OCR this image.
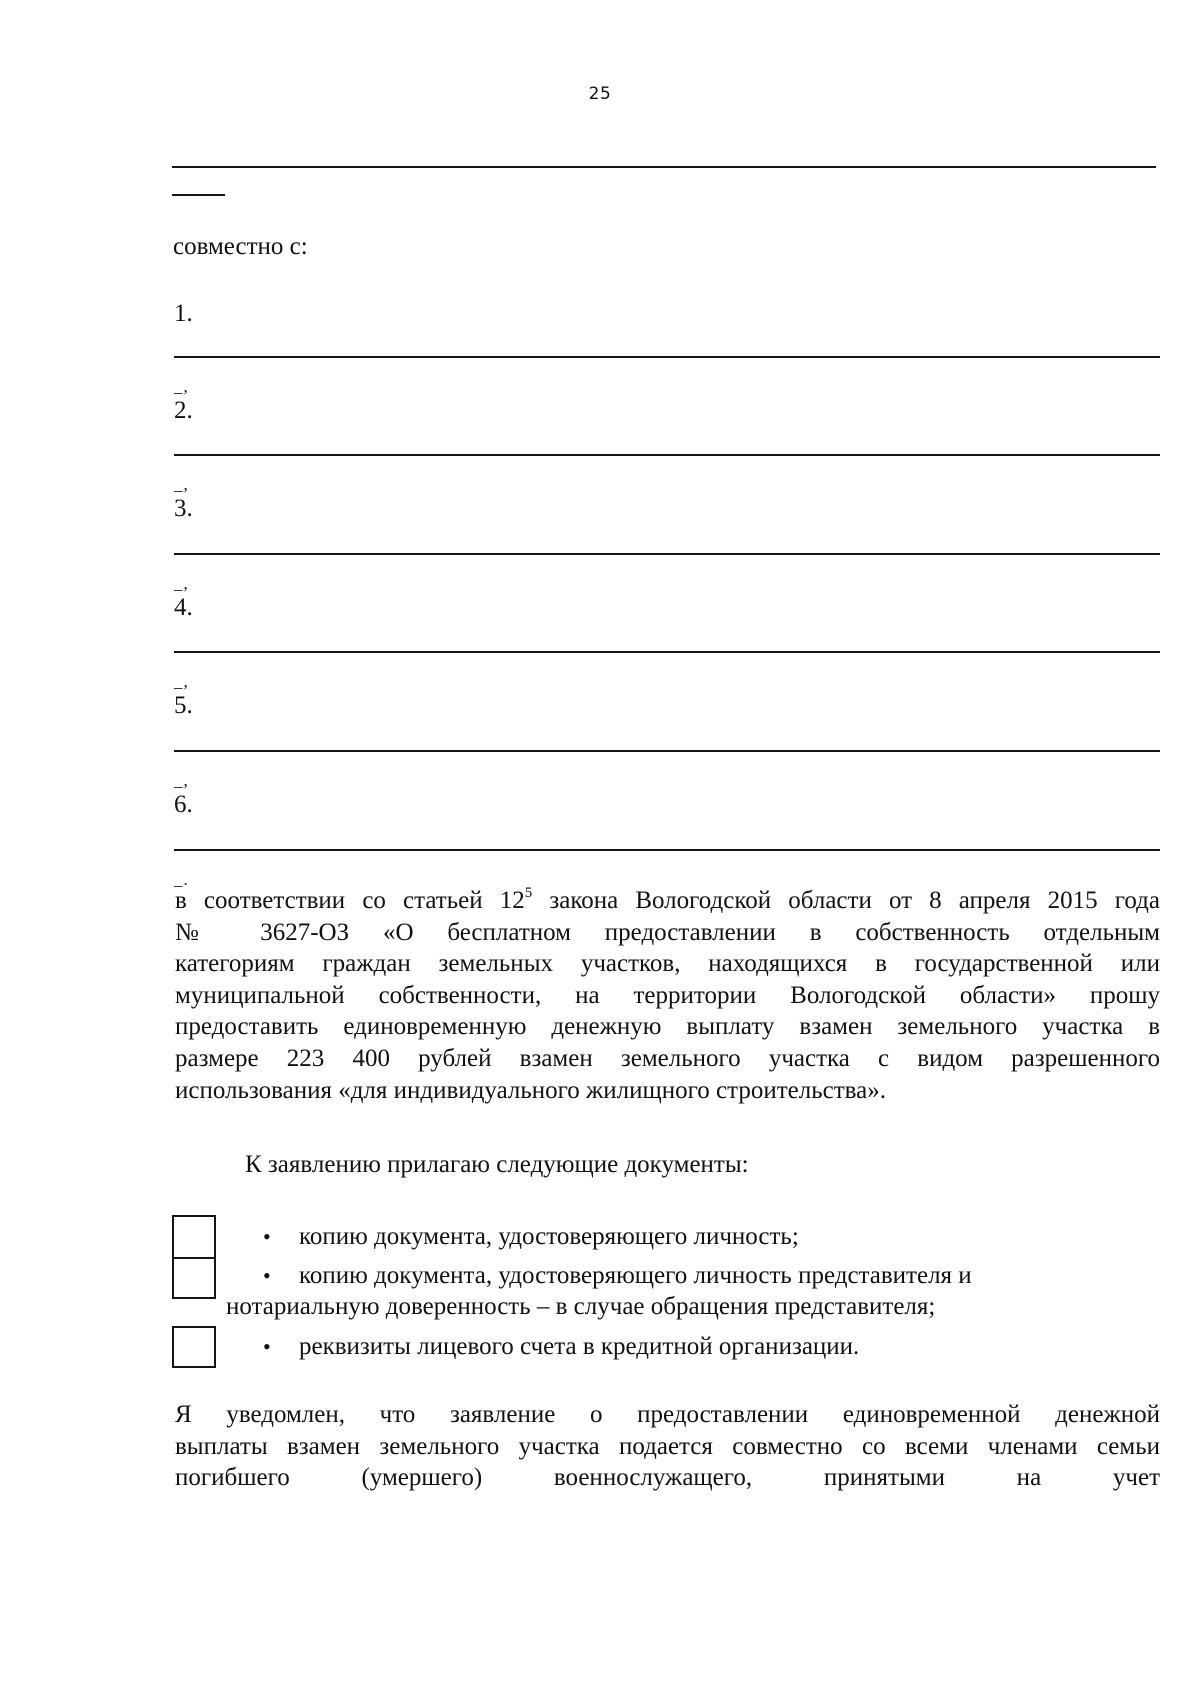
25
совместно с:
1.
_,
2.
_,
3.
_,
4.
_,
5.
_,
6.
_.
в соответствии со статьей $12^5$ закона Вологодской области от 8 апреля 2015 года
№ 3627-ОЗ «О бесплатном предоставлении в собственность отдельным
категориям граждан земельных участков, находящихся в государственной или
муниципальной собственности, на территории Вологодской области» прошу
предоставить единовременную денежную выплату взамен земельного участка в
размере 223 400 рублей взамен земельного участка с видом разрешенного
использования «для индивидуального жилищного строительства».
К заявлению прилагаю следующие документы:
• копию документа, удостоверяющего личность;
• копию документа, удостоверяющего личность представителя и
нотариальную доверенность – в случае обращения представителя;
• реквизиты лицевого счета в кредитной организации.
Я уведомлен, что заявление о предоставлении единовременной денежной
выплаты взамен земельного участка подается совместно со всеми членами семьи
погибшего (умершего) военнослужащего, принятыми на учет
